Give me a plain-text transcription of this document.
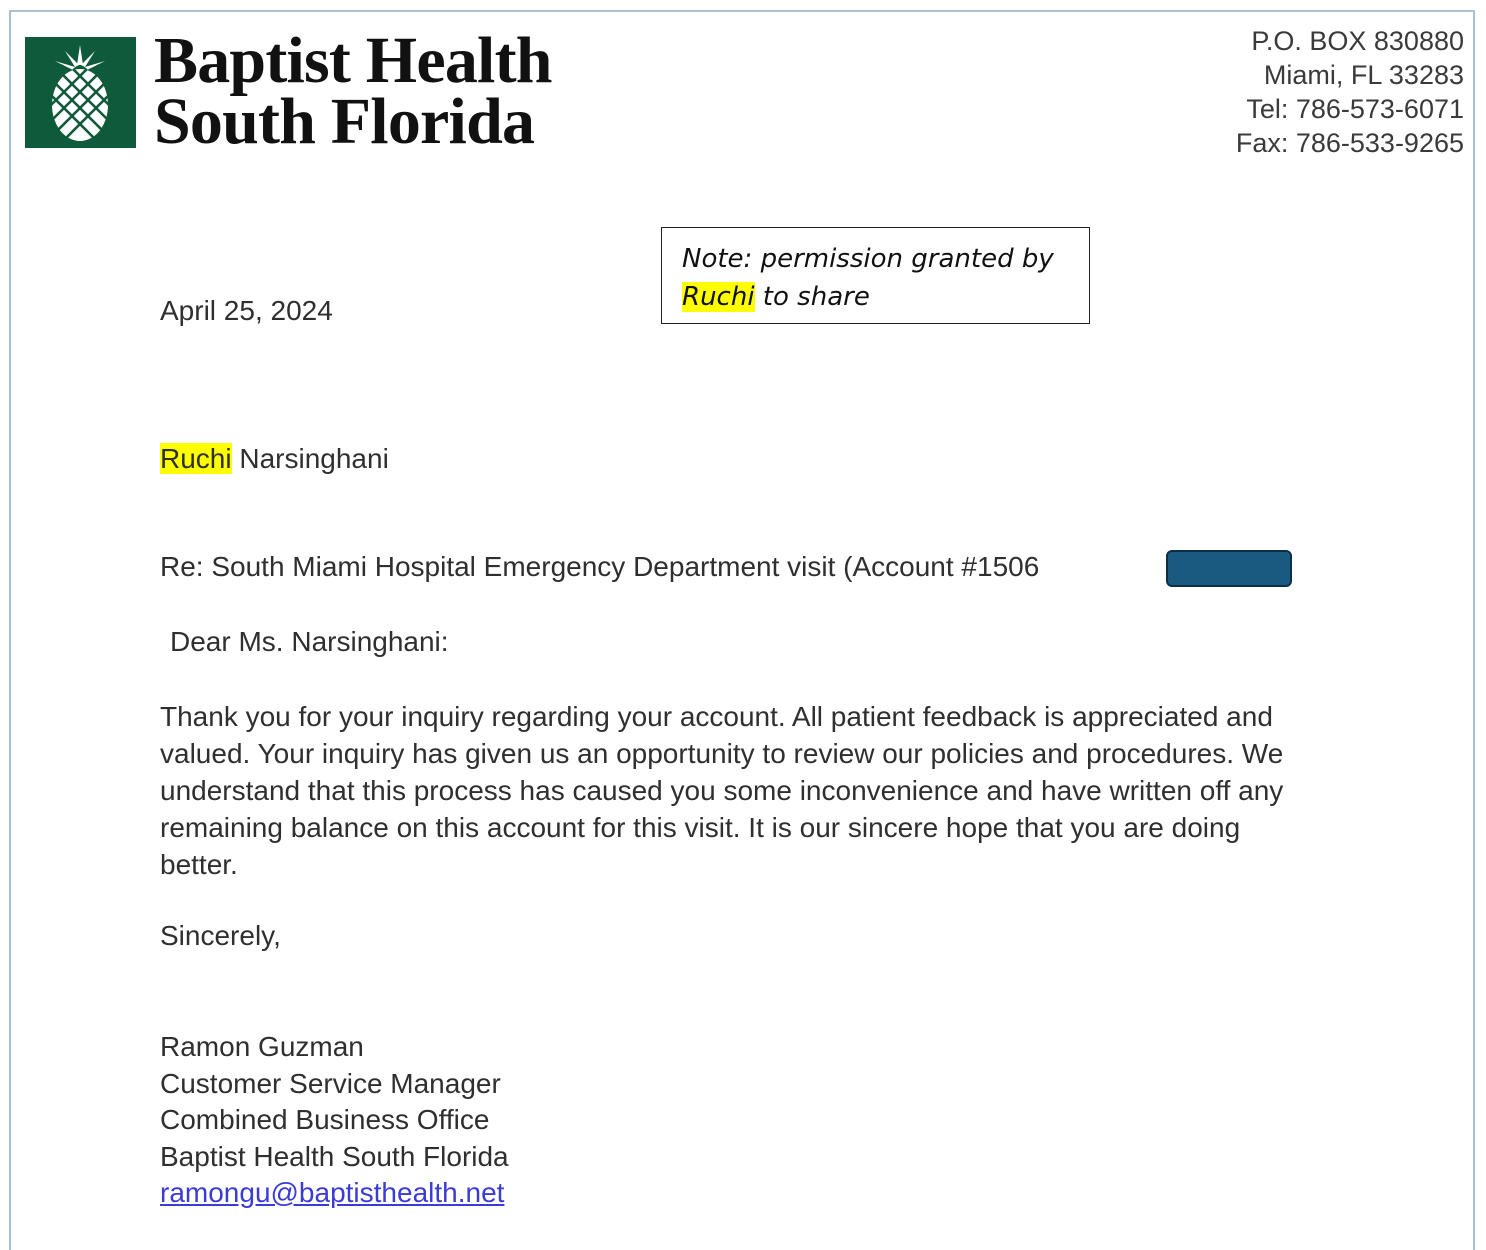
Baptist Health
South Florida
P.O. BOX 830880
Miami, FL 33283
Tel: 786-573-6071
Fax: 786-533-9265
Note: permission granted by
Ruchi to share
April 25, 2024
Ruchi Narsinghani
Re: South Miami Hospital Emergency Department visit (Account #1506
Dear Ms. Narsinghani:
Thank you for your inquiry regarding your account. All patient feedback is appreciated and
valued. Your inquiry has given us an opportunity to review our policies and procedures. We
understand that this process has caused you some inconvenience and have written off any
remaining balance on this account for this visit. It is our sincere hope that you are doing
better.
Sincerely,
Ramon Guzman
Customer Service Manager
Combined Business Office
Baptist Health South Florida
ramongu@baptisthealth.net
